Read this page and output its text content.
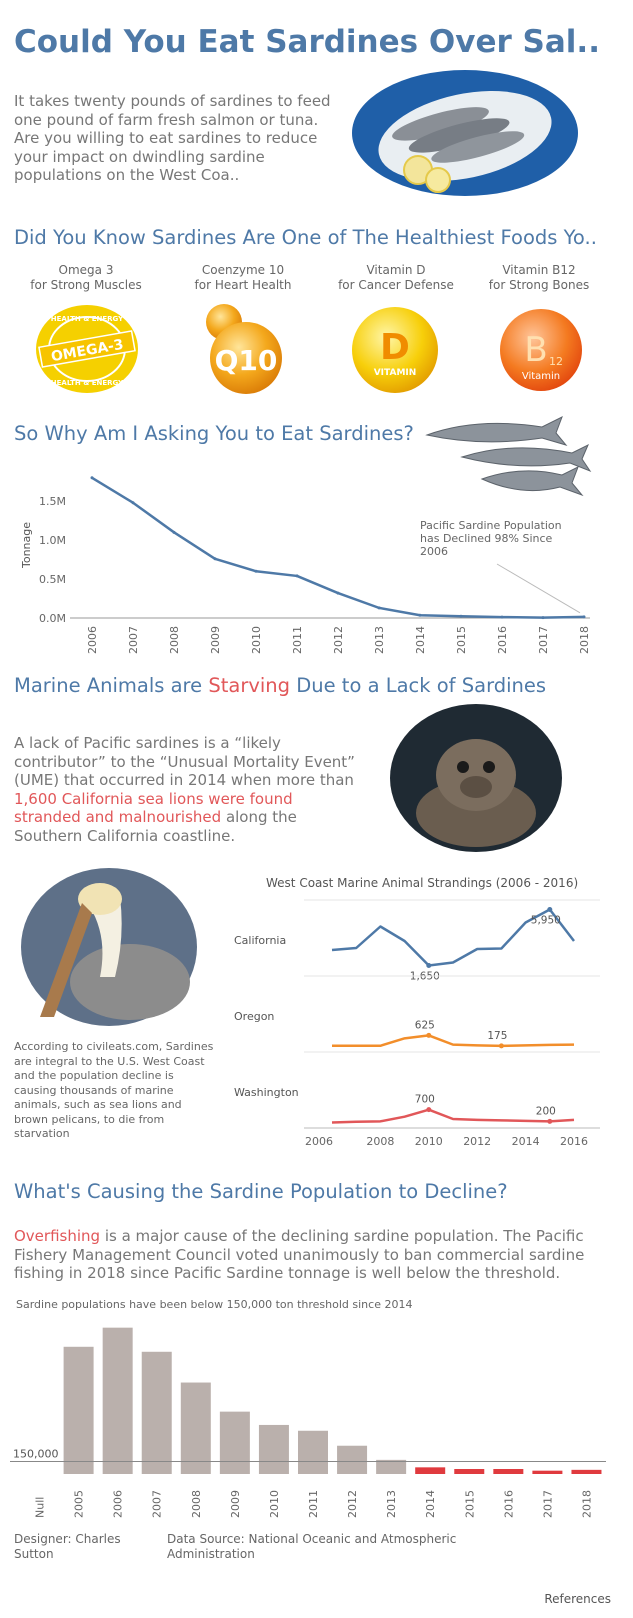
Could You Eat Sardines Over Sal..
It takes twenty pounds of sardines to feed one pound of farm fresh salmon or tuna. Are you willing to eat sardines to reduce your impact on dwindling sardine populations on the West Coa..
Did You Know Sardines Are One of The Healthiest Foods Yo..
Omega 3
for Strong Muscles
Coenzyme 10
for Heart Health
Vitamin D
for Cancer Defense
Vitamin B12
for Strong Bones
HEALTH & ENERGY
OMEGA-3
HEALTH & ENERGY
Q10	D
VITAMIN
B 12
Vitamin
So Why Am I Asking You to Eat Sardines?
0.0M
0.5M
1.0M
1.5M
Tonnage
2006	2007	2008	2009	2010	2011	2012	2013	2014	2015	2016	2017	2018
Pacific Sardine Population
has Declined 98% Since
2006
Marine Animals are Starving Due to a Lack of Sardines
A lack of Pacific sardines is a “likely contributor” to the “Unusual Mortality Event” (UME) that occurred in 2014 when more than 1,600 California sea lions were found stranded and malnourished along the Southern California coastline.
According to civileats.com, Sardines are integral to the U.S. West Coast and the population decline is causing thousands of marine animals, such as sea lions and brown pelicans, to die from starvation
West Coast Marine Animal Strandings (2006 - 2016)
California
1,650
5,950
Oregon
625
175
Washington
700
200
2006	2008 2010 2012 2014 2016
What's Causing the Sardine Population to Decline?
Overfishing is a major cause of the declining sardine population. The Pacific Fishery Management Council voted unanimously to ban commercial sardine fishing in 2018 since Pacific Sardine tonnage is well below the threshold.
Sardine populations have been below 150,000 ton threshold since 2014
Null 2005 2006 2007 2008 2009 2010 2011 2012 2013 2014 2015 2016 2017 2018
150,000
Designer: Charles Sutton
Data Source: National Oceanic and Atmospheric Administration
References
